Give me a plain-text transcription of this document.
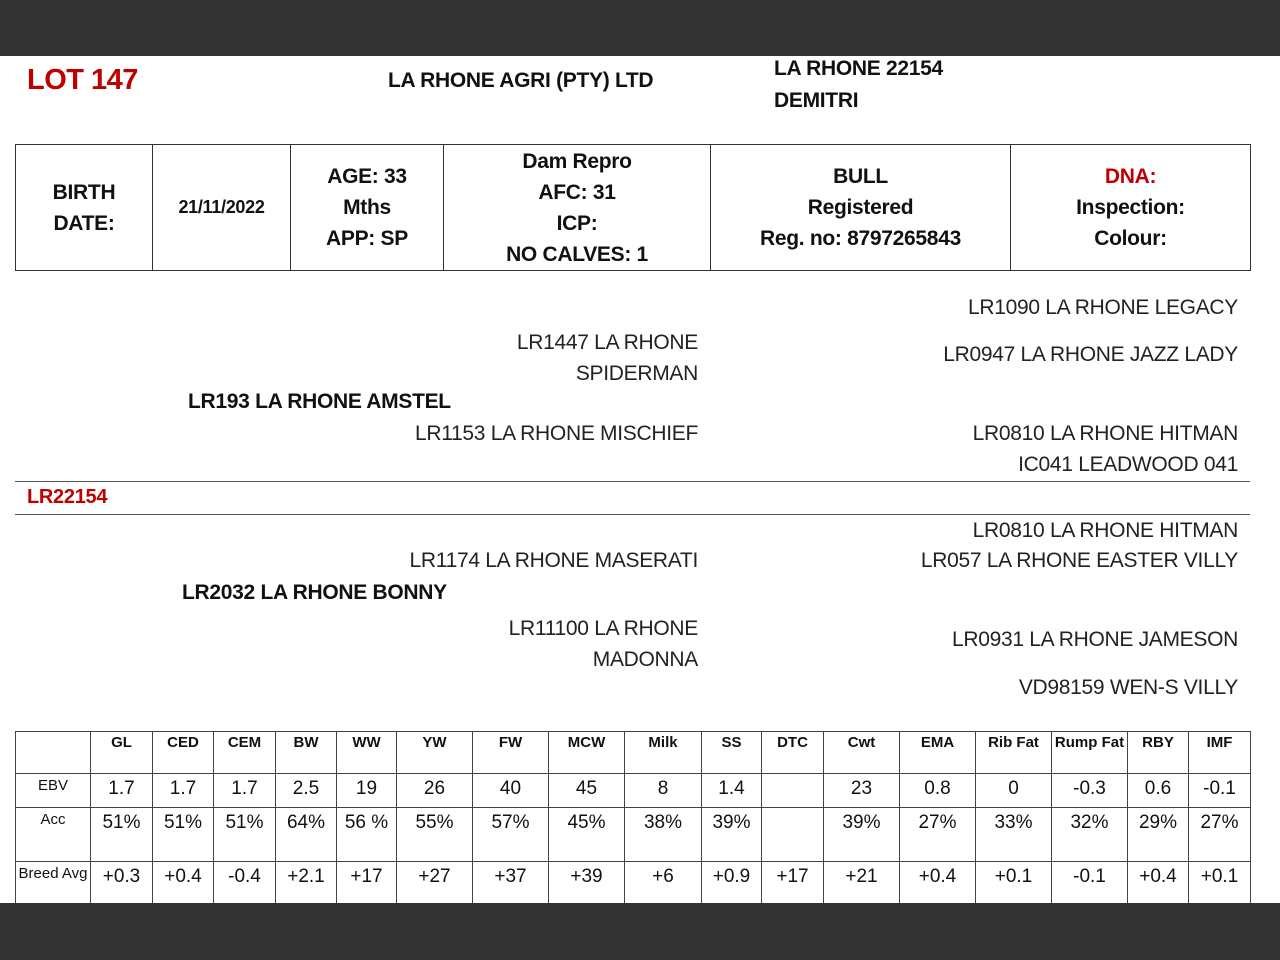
LOT 147	LA RHONE AGRI (PTY) LTD
LA RHONE 22154
DEMITRI
BIRTH
DATE:
	21/11/2022	
AGE: 33
Mths
APP: SP

Dam Repro
AFC: 31
ICP:
NO CALVES: 1

BULL
Registered
Reg. no: 8797265843

DNA:
Inspection:
Colour:
LR1090 LA RHONE LEGACY
LR1447 LA RHONE
SPIDERMAN
LR0947 LA RHONE JAZZ LADY
LR193 LA RHONE AMSTEL
LR1153 LA RHONE MISCHIEF	LR0810 LA RHONE HITMAN
IC041 LEADWOOD 041
LR22154
LR0810 LA RHONE HITMAN
LR1174 LA RHONE MASERATI	LR057 LA RHONE EASTER VILLY
LR2032 LA RHONE BONNY
LR11100 LA RHONE
MADONNA
LR0931 LA RHONE JAMESON
VD98159 WEN-S VILLY
	GL	CED	CEM	BW	WW	YW	FW	MCW	Milk	SS	DTC	Cwt	EMA	Rib Fat	Rump Fat	RBY	IMF
EBV	1.7	1.7	1.7	2.5	19	26	40	45	8	1.4		23	0.8	0	-0.3	0.6	-0.1
Acc	51%	51%	51%	64%	56 %	55%	57%	45%	38%	39%		39%	27%	33%	32%	29%	27%
Breed Avg	+0.3	+0.4	-0.4	+2.1	+17	+27	+37	+39	+6	+0.9	+17	+21	+0.4	+0.1	-0.1	+0.4	+0.1
